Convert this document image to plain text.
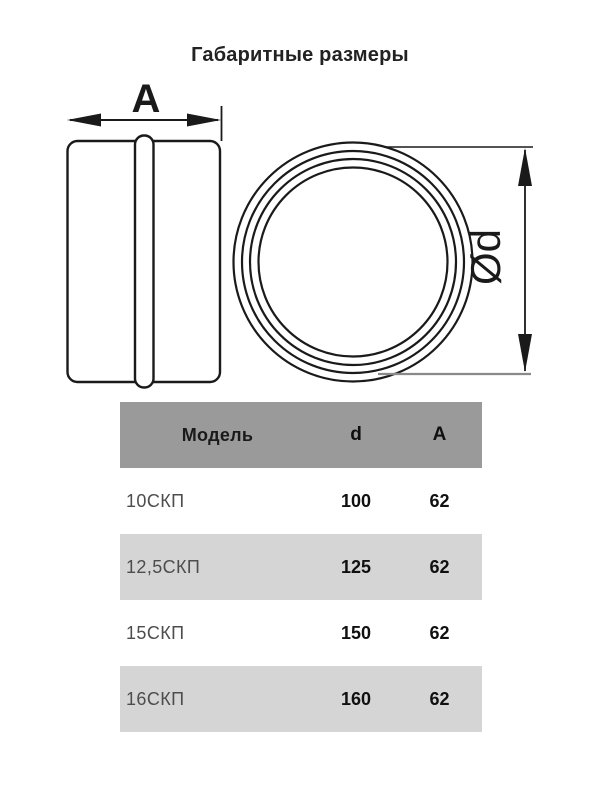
Габаритные размеры
A
Ød
Модель	d	A
10СКП	100	62
12,5СКП	125	62
15СКП	150	62
16СКП	160	62
